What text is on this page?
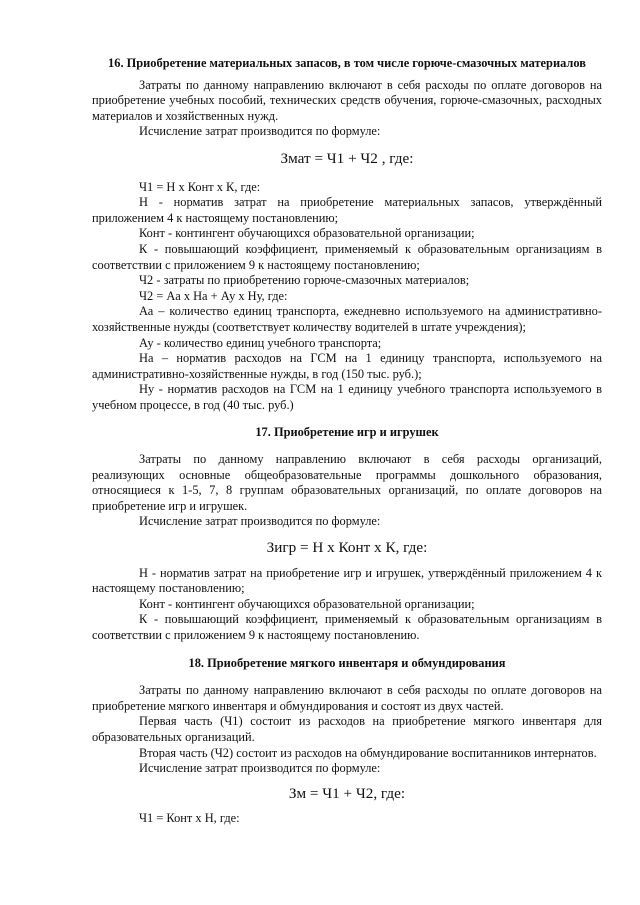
16. Приобретение материальных запасов, в том числе горюче-смазочных материалов

Затраты по данному направлению включают в себя расходы по оплате договоров на приобретение учебных пособий, технических средств обучения, горюче-смазочных, расходных материалов и хозяйственных нужд.

Исчисление затрат производится по формуле:

Змат = Ч1 + Ч2 , где:

Ч1 = Н х Конт х К, где:

Н - норматив затрат на приобретение материальных запасов, утверждённый приложением 4 к настоящему постановлению;

Конт - контингент обучающихся образовательной организации;

К - повышающий коэффициент, применяемый к образовательным организациям в соответствии с приложением 9 к настоящему постановлению;

Ч2 - затраты по приобретению горюче-смазочных материалов;

Ч2 = Аа х На + Ау х Ну, где:

Аа – количество единиц транспорта, ежедневно используемого на административно-хозяйственные нужды (соответствует количеству водителей в штате учреждения);

Ау - количество единиц учебного транспорта;

На – норматив расходов на ГСМ на 1 единицу транспорта, используемого на административно-хозяйственные нужды, в год (150 тыс. руб.);

Ну - норматив расходов на ГСМ на 1 единицу учебного транспорта используемого в учебном процессе, в год (40 тыс. руб.)

17. Приобретение игр и игрушек

Затраты по данному направлению включают в себя расходы организаций, реализующих основные общеобразовательные программы дошкольного образования, относящиеся к 1-5, 7, 8 группам образовательных организаций, по оплате договоров на приобретение игр и игрушек.

Исчисление затрат производится по формуле:

Зигр = Н х Конт х К, где:

Н - норматив затрат на приобретение игр и игрушек, утверждённый приложением 4 к настоящему постановлению;

Конт - контингент обучающихся образовательной организации;

К - повышающий коэффициент, применяемый к образовательным организациям в соответствии с приложением 9 к настоящему постановлению.

18. Приобретение мягкого инвентаря и обмундирования

Затраты по данному направлению включают в себя расходы по оплате договоров на приобретение мягкого инвентаря и обмундирования и состоят из двух частей.

Первая часть (Ч1) состоит из расходов на приобретение мягкого инвентаря для образовательных организаций.

Вторая часть (Ч2) состоит из расходов на обмундирование воспитанников интернатов.

Исчисление затрат производится по формуле:

Зм = Ч1 + Ч2, где:

Ч1 = Конт х Н, где:
